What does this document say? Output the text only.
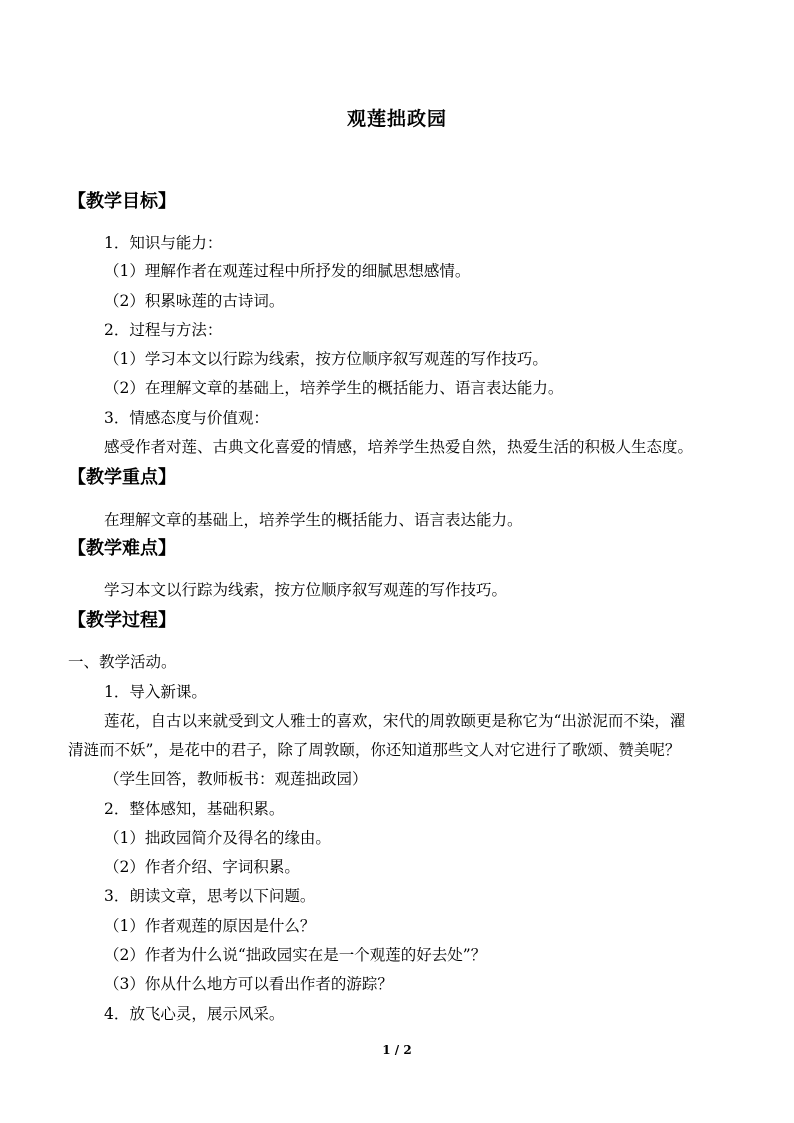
观莲拙政园
【教学目标】
1．知识与能力：
（1）理解作者在观莲过程中所抒发的细腻思想感情。
（2）积累咏莲的古诗词。
2．过程与方法：
（1）学习本文以行踪为线索，按方位顺序叙写观莲的写作技巧。
（2）在理解文章的基础上，培养学生的概括能力、语言表达能力。
3．情感态度与价值观：
感受作者对莲、古典文化喜爱的情感，培养学生热爱自然，热爱生活的积极人生态度。
【教学重点】
在理解文章的基础上，培养学生的概括能力、语言表达能力。
【教学难点】
学习本文以行踪为线索，按方位顺序叙写观莲的写作技巧。
【教学过程】
一、教学活动。
1．导入新课。
莲花，自古以来就受到文人雅士的喜欢，宋代的周敦颐更是称它为“出淤泥而不染，濯
清涟而不妖”，是花中的君子，除了周敦颐，你还知道那些文人对它进行了歌颂、赞美呢？
（学生回答，教师板书：观莲拙政园）
2．整体感知，基础积累。
（1）拙政园简介及得名的缘由。
（2）作者介绍、字词积累。
3．朗读文章，思考以下问题。
（1）作者观莲的原因是什么？
（2）作者为什么说“拙政园实在是一个观莲的好去处”？
（3）你从什么地方可以看出作者的游踪？
4．放飞心灵，展示风采。
1 / 2
